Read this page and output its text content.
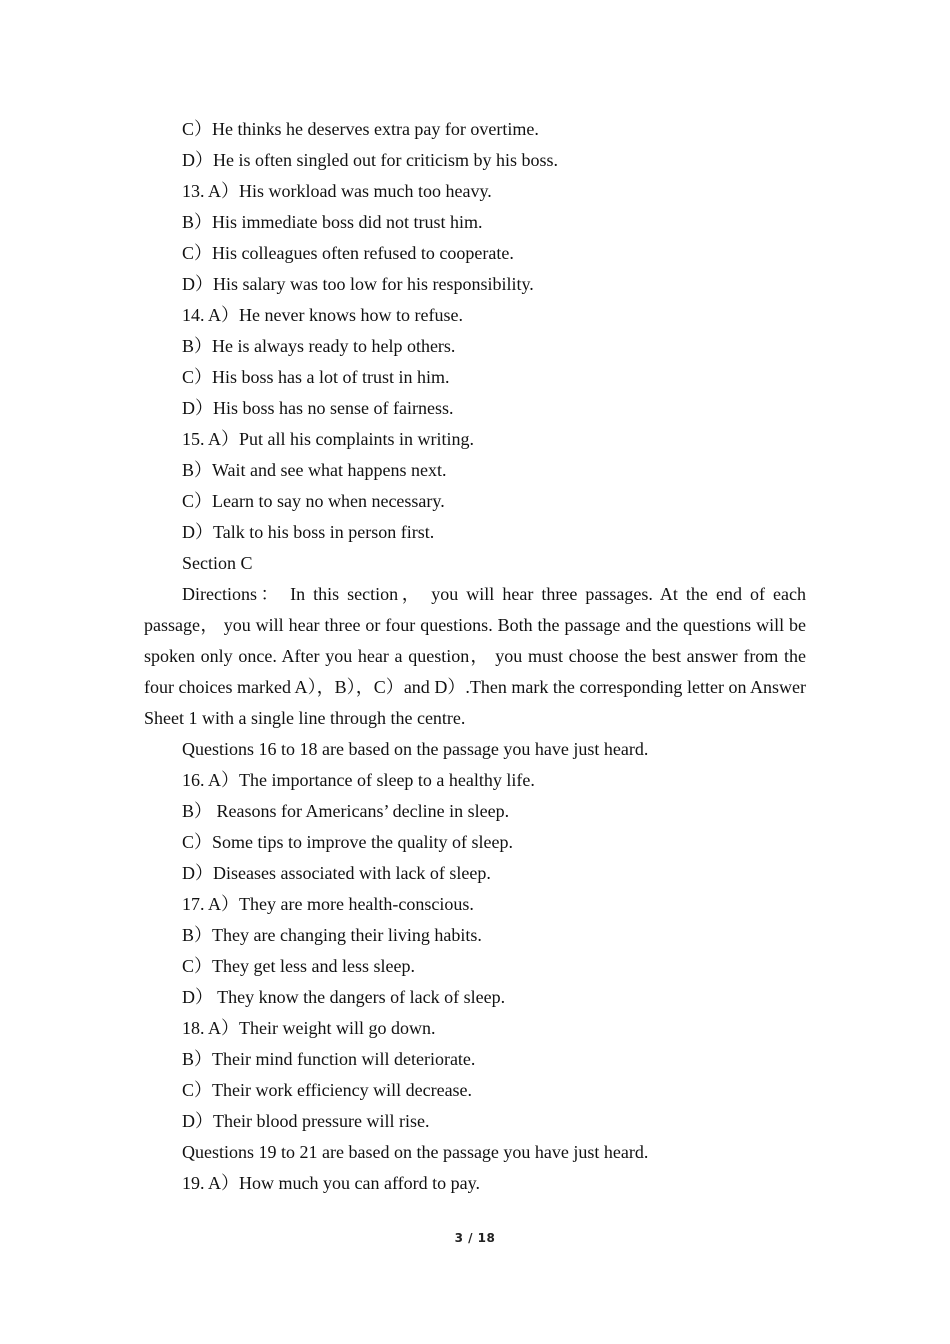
C）He thinks he deserves extra pay for overtime.
D）He is often singled out for criticism by his boss.
13. A）His workload was much too heavy.
B）His immediate boss did not trust him.
C）His colleagues often refused to cooperate.
D）His salary was too low for his responsibility.
14. A）He never knows how to refuse.
B）He is always ready to help others.
C）His boss has a lot of trust in him.
D）His boss has no sense of fairness.
15. A）Put all his complaints in writing.
B）Wait and see what happens next.
C）Learn to say no when necessary.
D）Talk to his boss in person first.
Section C

Directions： In this section， you will hear three passages. At the end of each passage， you will hear three or four questions. Both the passage and the questions will be spoken only once. After you hear a question， you must choose the best answer from the four choices marked A），B），C）and D）.Then mark the corresponding letter on Answer Sheet 1 with a single line through the centre.

Questions 16 to 18 are based on the passage you have just heard.
16. A）The importance of sleep to a healthy life.
B） Reasons for Americans’ decline in sleep.
C）Some tips to improve the quality of sleep.
D）Diseases associated with lack of sleep.
17. A）They are more health-conscious.
B）They are changing their living habits.
C）They get less and less sleep.
D） They know the dangers of lack of sleep.
18. A）Their weight will go down.
B）Their mind function will deteriorate.
C）Their work efficiency will decrease.
D）Their blood pressure will rise.
Questions 19 to 21 are based on the passage you have just heard.
19. A）How much you can afford to pay.
3 / 18
